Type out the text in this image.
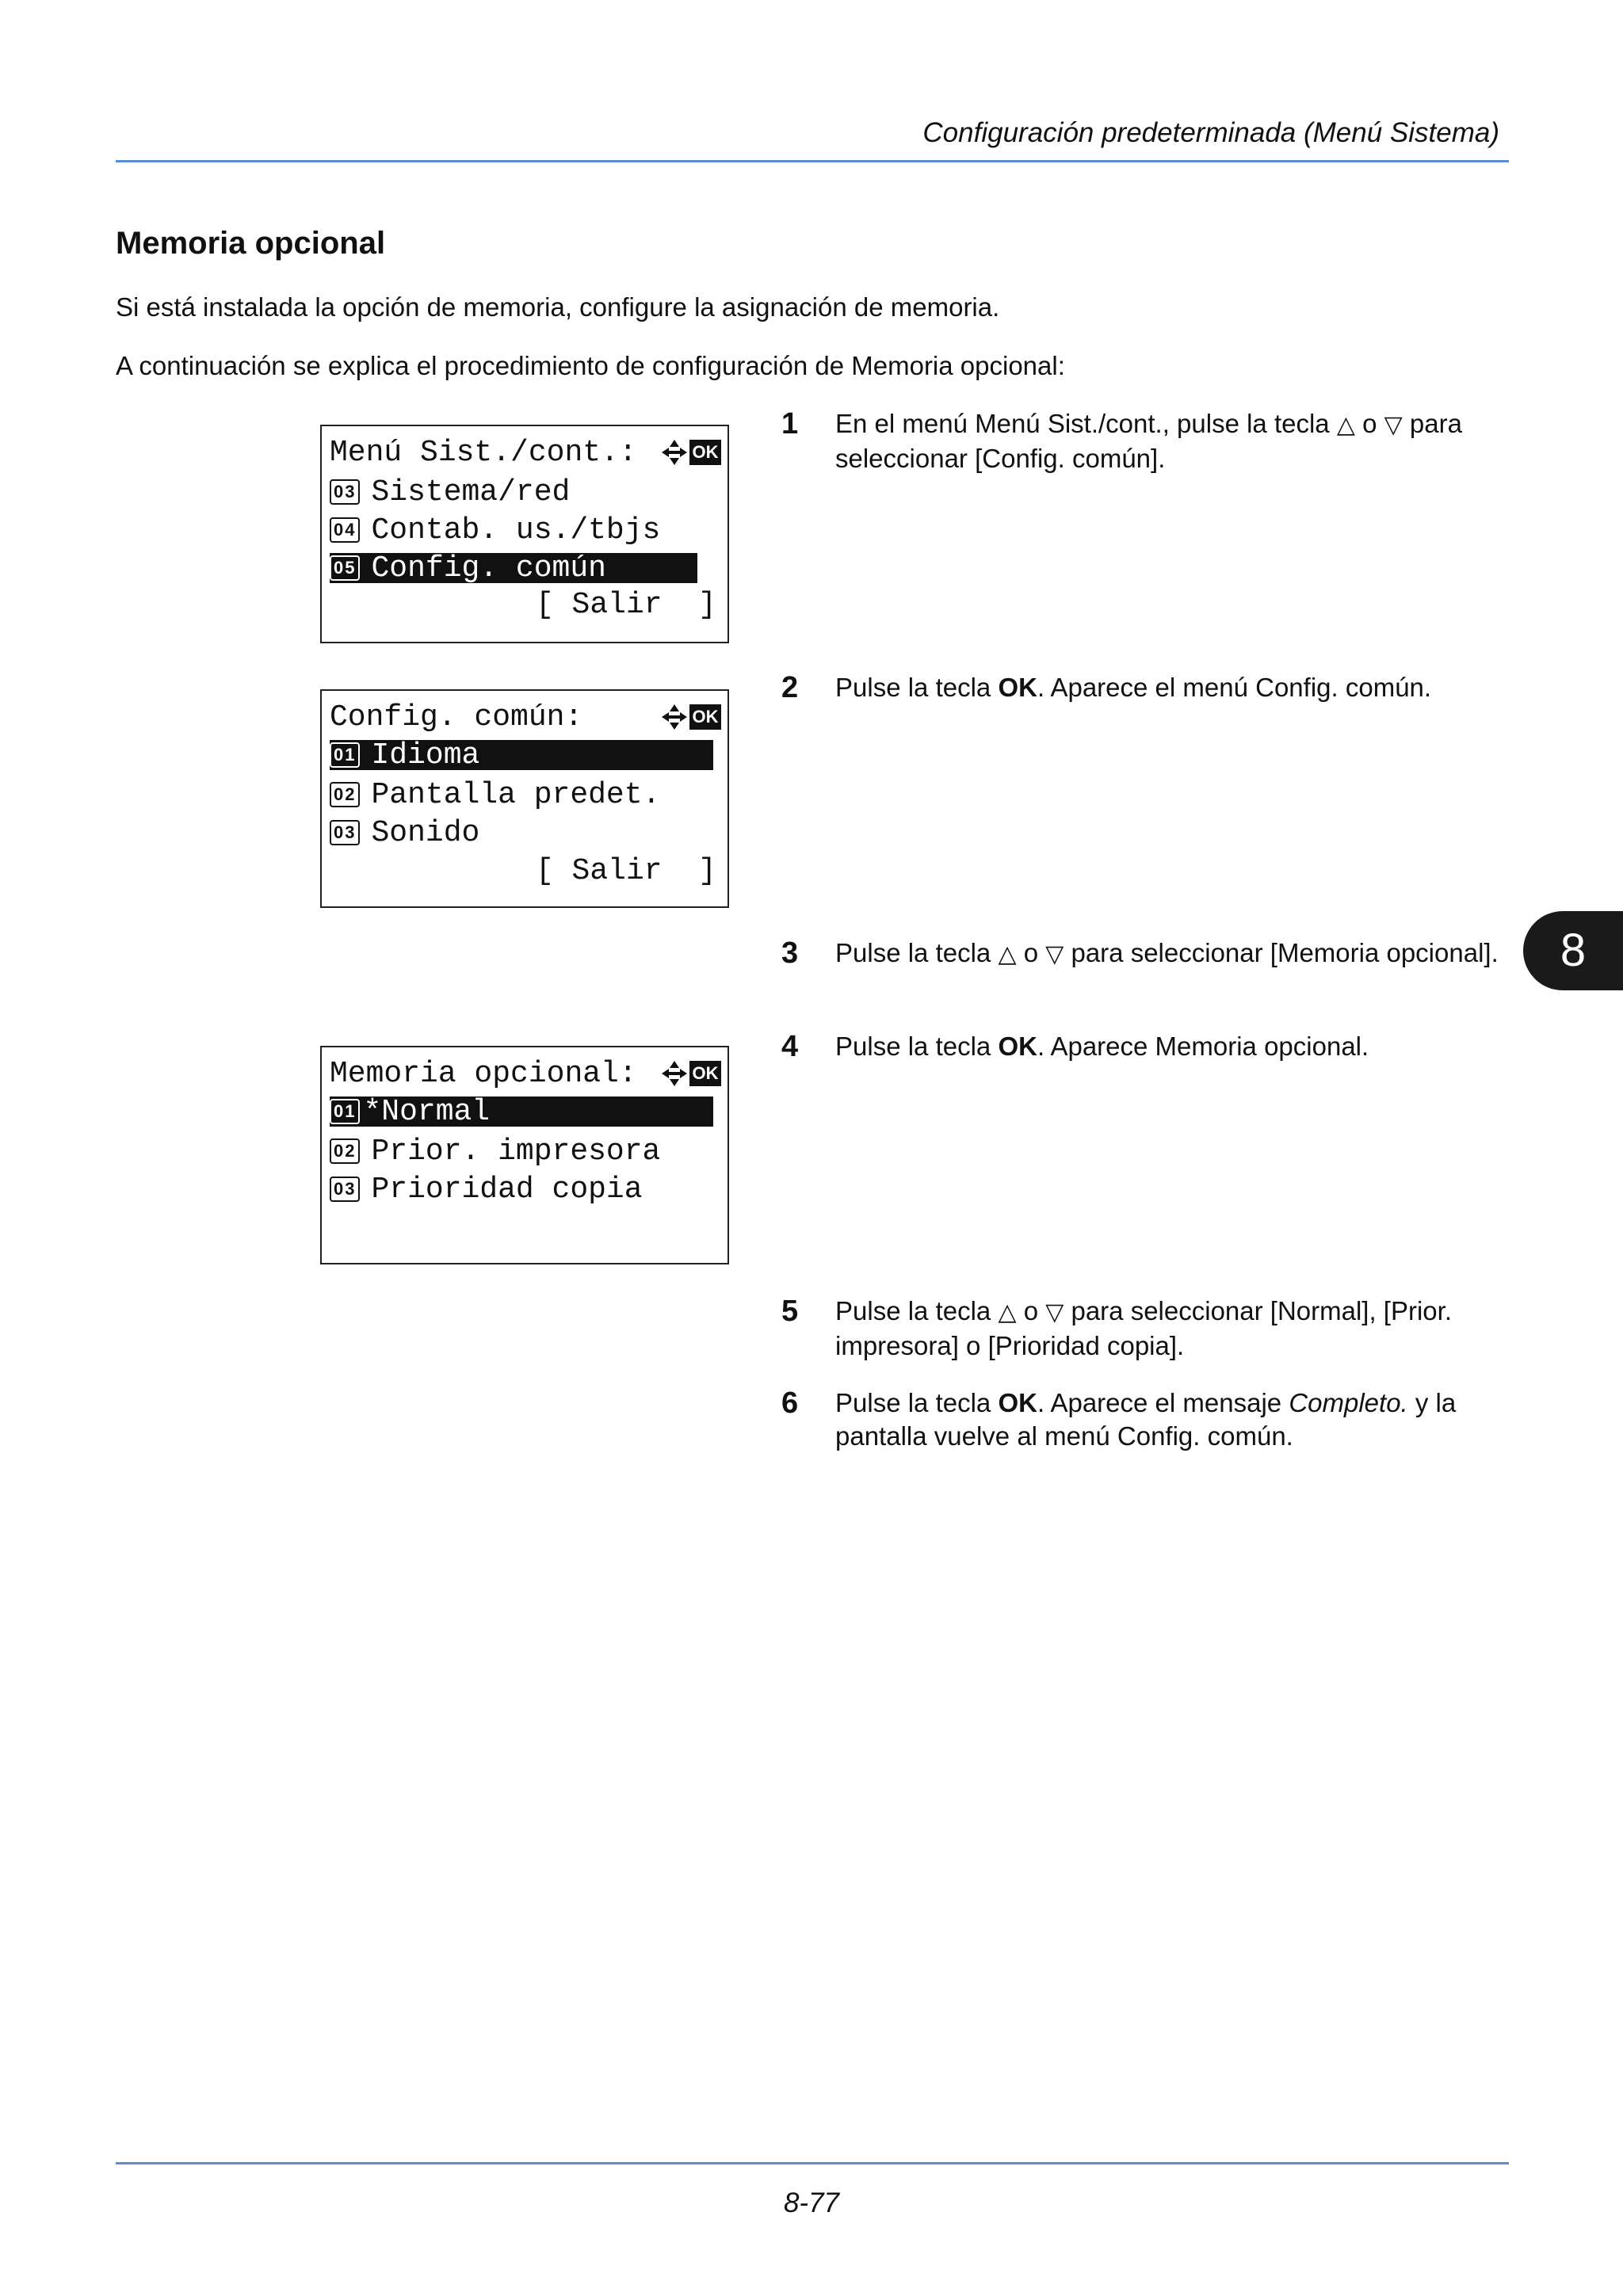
Configuración predeterminada (Menú Sistema)
Memoria opcional

Si está instalada la opción de memoria, configure la asignación de memoria.

A continuación se explica el procedimiento de configuración de Memoria opcional:

Menú Sist./cont.:	OK
03 Sistema/red
04 Contab. us./tbjs
05 Config. común
[ Salir  ]
Config. común:	OK
01 Idioma
02 Pantalla predet.
03 Sonido
[ Salir  ]
Memoria opcional:	OK
01 *Normal
02 Prior. impresora
03 Prioridad copia
1 En el menú Menú Sist./cont., pulse la tecla △ o ▽ para seleccionar [Config. común].

2 Pulse la tecla OK. Aparece el menú Config. común.

3 Pulse la tecla △ o ▽ para seleccionar [Memoria opcional].

4 Pulse la tecla OK. Aparece Memoria opcional.

5 Pulse la tecla △ o ▽ para seleccionar [Normal], [Prior. impresora] o [Prioridad copia].

6 Pulse la tecla OK. Aparece el mensaje Completo. y la pantalla vuelve al menú Config. común.

8
8-77
